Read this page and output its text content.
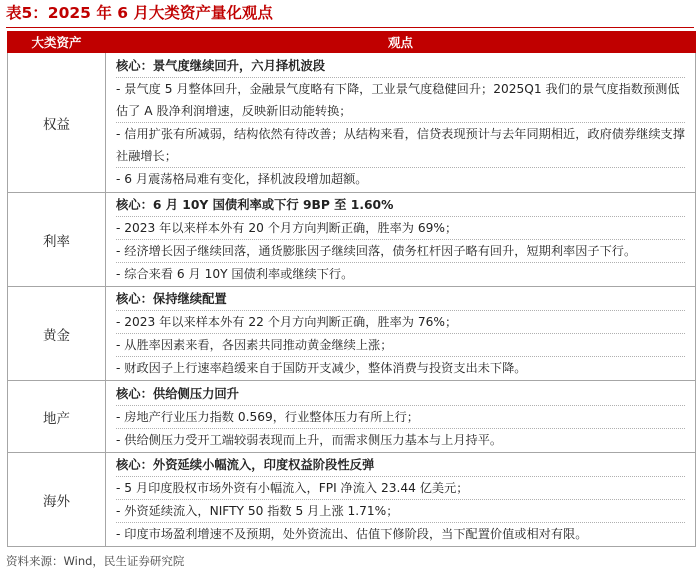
表5：2025 年 6 月大类资产量化观点
大类资产	观点
权益	核心：景气度继续回升，六月择机波段
- 景气度 5 月整体回升，金融景气度略有下降，工业景气度稳健回升；2025Q1 我们的景气度指数预测低估了 A 股净利润增速，反映新旧动能转换；
- 信用扩张有所减弱，结构依然有待改善；从结构来看，信贷表现预计与去年同期相近，政府债券继续支撑社融增长；
- 6 月震荡格局难有变化，择机波段增加超额。

利率	核心：6 月 10Y 国债利率或下行 9BP 至 1.60%
- 2023 年以来样本外有 20 个月方向判断正确，胜率为 69%；
- 经济增长因子继续回落，通货膨胀因子继续回落，债务杠杆因子略有回升，短期利率因子下行。
- 综合来看 6 月 10Y 国债利率或继续下行。

黄金	核心：保持继续配置
- 2023 年以来样本外有 22 个月方向判断正确，胜率为 76%；
- 从胜率因素来看，各因素共同推动黄金继续上涨；
- 财政因子上行速率趋缓来自于国防开支减少，整体消费与投资支出未下降。

地产	核心：供给侧压力回升
- 房地产行业压力指数 0.569，行业整体压力有所上行；
- 供给侧压力受开工端较弱表现而上升，而需求侧压力基本与上月持平。

海外	核心：外资延续小幅流入，印度权益阶段性反弹
- 5 月印度股权市场外资有小幅流入，FPI 净流入 23.44 亿美元；
- 外资延续流入，NIFTY 50 指数 5 月上涨 1.71%；
- 印度市场盈利增速不及预期，处外资流出、估值下修阶段，当下配置价值或相对有限。
资料来源：Wind，民生证券研究院
